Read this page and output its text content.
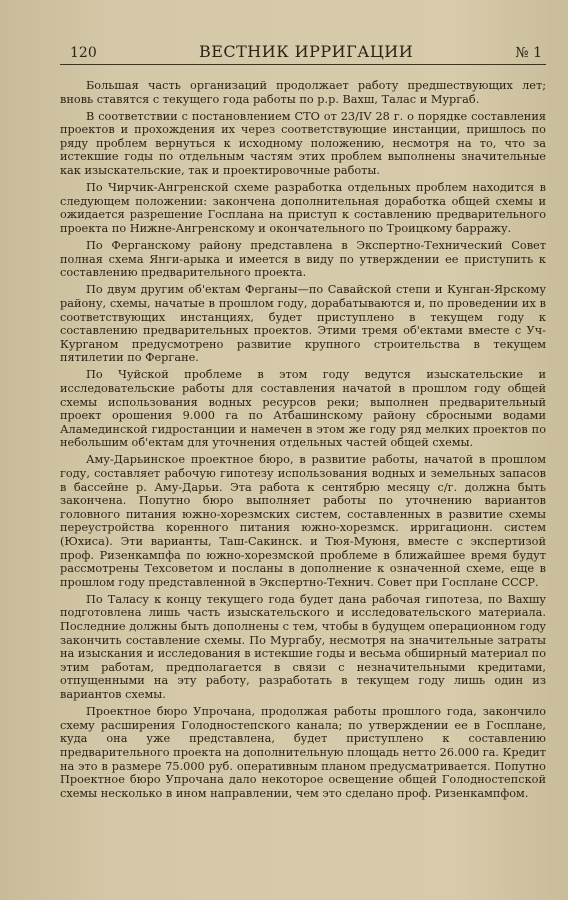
120	ВЕСТНИК ИРРИГАЦИИ	№ 1

Большая часть организаций продолжает работу предшествующих лет; вновь ставятся с текущего года работы по р.р. Вахш, Талас и Мургаб.

В соответствии с постановлением СТО от 23/IV 28 г. о порядке составления проектов и прохождения их через соответствующие инстанции, пришлось по ряду проблем вернуться к исходному положению, несмотря на то, что за истекшие годы по отдельным частям этих проблем выполнены значительные как изыскательские, так и проектировочные работы.

По Чирчик-Ангренской схеме разработка отдельных проблем находится в следующем положении: закончена дополнительная доработка общей схемы и ожидается разрешение Госплана на приступ к составлению предварительного проекта по Нижне-Ангренскому и окончательного по Троицкому барражу.

По Ферганскому району представлена в Экспертно-Технический Совет полная схема Янги-арыка и имеется в виду по утверждении ее приступить к составлению предварительного проекта.

По двум другим об'ектам Ферганы—по Савайской степи и Кунган-Ярскому району, схемы, начатые в прошлом году, дорабатываются и, по проведении их в соответствующих инстанциях, будет приступлено в текущем году к составлению предварительных проектов. Этими тремя об'ектами вместе с Уч-Курганом предусмотрено развитие крупного строительства в текущем пятилетии по Фергане.

По Чуйской проблеме в этом году ведутся изыскательские и исследовательские работы для составления начатой в прошлом году общей схемы использования водных ресурсов реки; выполнен предварительный проект орошения 9.000 га по Атбашинскому району сбросными водами Аламединской гидростанции и намечен в этом же году ряд мелких проектов по небольшим об'ектам для уточнения отдельных частей общей схемы.

Аму-Дарьинское проектное бюро, в развитие работы, начатой в прошлом году, составляет рабочую гипотезу использования водных и земельных запасов в бассейне р. Аму-Дарьи. Эта работа к сентябрю месяцу с/г. должна быть закончена. Попутно бюро выполняет работы по уточнению вариантов головного питания южно-хорезмских систем, составленных в развитие схемы переустройства коренного питания южно-хорезмск. ирригационн. систем (Юхиса). Эти варианты, Таш-Сакинск. и Тюя-Муюня, вместе с экспертизой проф. Ризенкампфа по южно-хорезмской проблеме в ближайшее время будут рассмотрены Техсоветом и посланы в дополнение к означенной схеме, еще в прошлом году представленной в Экспертно-Технич. Совет при Госплане СССР.

По Таласу к концу текущего года будет дана рабочая гипотеза, по Вахшу подготовлена лишь часть изыскательского и исследовательского материала. Последние должны быть дополнены с тем, чтобы в будущем операционном году закончить составление схемы. По Мургабу, несмотря на значительные затраты на изыскания и исследования в истекшие годы и весьма обширный материал по этим работам, предполагается в связи с незначительными кредитами, отпущенными на эту работу, разработать в текущем году лишь один из вариантов схемы.

Проектное бюро Упрочана, продолжая работы прошлого года, закончило схему расширения Голодностепского канала; по утверждении ее в Госплане, куда она уже представлена, будет приступлено к составлению предварительного проекта на дополнительную площадь нетто 26.000 га. Кредит на это в размере 75.000 руб. оперативным планом предусматривается. Попутно Проектное бюро Упрочана дало некоторое освещение общей Голодностепской схемы несколько в ином направлении, чем это сделано проф. Ризенкампфом.
